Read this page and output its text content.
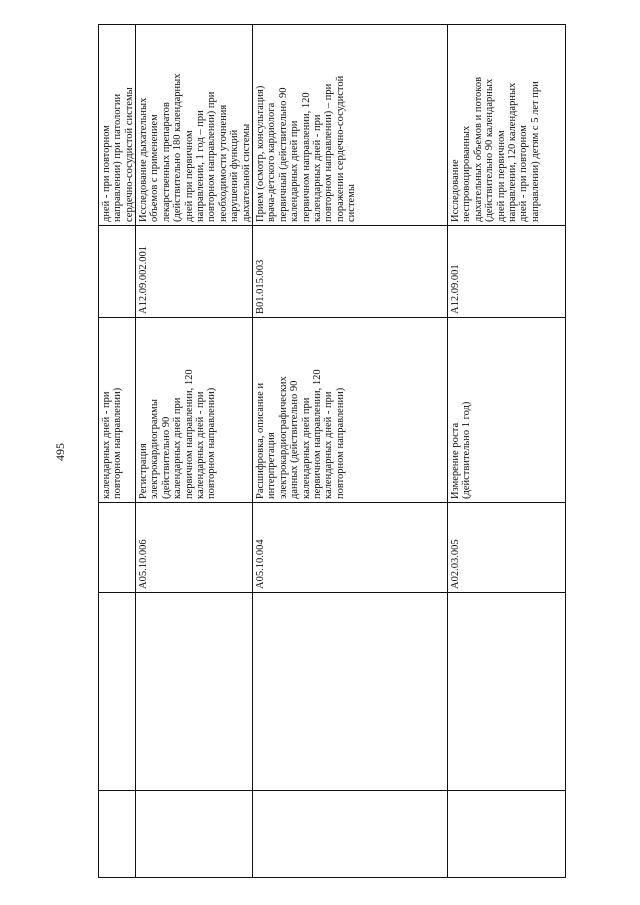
495	календарных дней - при повторном направлении)
дней - при повторном направлении) при патологии сердечно-сосудистой системы
A05.10.006
Регистрация электрокардиограммы (действительно 90 календарных дней при первичном направлении, 120 календарных дней - при повторном направлении)
A12.09.002.001
Исследование дыхательных объемов с применением лекарственных препаратов (действительно 180 календарных дней при первичном направлении, 1 год – при повторном направлении) при необходимости уточнения нарушений функций дыхательной системы
A05.10.004
Расшифровка, описание и интерпретация электрокардиографических данных (действительно 90 календарных дней при первичном направлении, 120 календарных дней - при повторном направлении)
B01.015.003
Прием (осмотр, консультация) врача-детского кардиолога первичный (действительно 90 календарных дней при первичном направлении, 120 календарных дней - при повторном направлении) – при поражении сердечно-сосудистой системы
A02.03.005
Измерение роста (действительно 1 год)
A12.09.001
Исследование неспровоцированных дыхательных объемов и потоков (действительно 90 календарных дней при первичном направлении, 120 календарных дней - при повторном направлении) детям с 5 лет при
